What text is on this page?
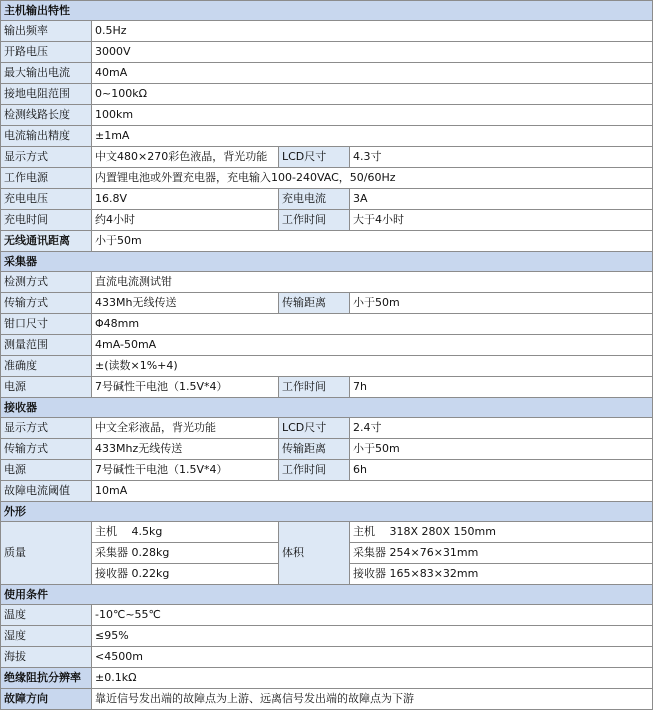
主机输出特性			
输出频率	0.5Hz		
开路电压	3000V		
最大输出电流	40mA		
接地电阻范围	0~100kΩ		
检测线路长度	100km		
电流输出精度	±1mA		
显示方式	中文480×270彩色液晶，背光功能	LCD尺寸	4.3寸
工作电源	内置锂电池或外置充电器，充电输入100-240VAC，50/60Hz		
充电电压	16.8V	充电电流	3A
充电时间	约4小时	工作时间	大于4小时
无线通讯距离	小于50m		
采集器			
检测方式	直流电流测试钳		
传输方式	433Mh无线传送	传输距离	小于50m
钳口尺寸	Φ48mm		
测量范围	4mA-50mA		
准确度	±(读数×1%+4)		
电源	7号碱性干电池（1.5V*4）	工作时间	7h
接收器			
显示方式	中文全彩液晶，背光功能	LCD尺寸	2.4寸
传输方式	433Mhz无线传送	传输距离	小于50m
电源	7号碱性干电池（1.5V*4）	工作时间	6h
故障电流阈值	10mA		
外形			
质量	主机　 4.5kg	体积	主机　 318X 280X 150mm
	采集器 0.28kg		采集器 254×76×31mm
	接收器 0.22kg		接收器 165×83×32mm
使用条件			
温度	-10℃~55℃		
湿度	≤95%		
海拔	<4500m		
绝缘阻抗分辨率	±0.1kΩ		
故障方向	靠近信号发出端的故障点为上游、远离信号发出端的故障点为下游		
